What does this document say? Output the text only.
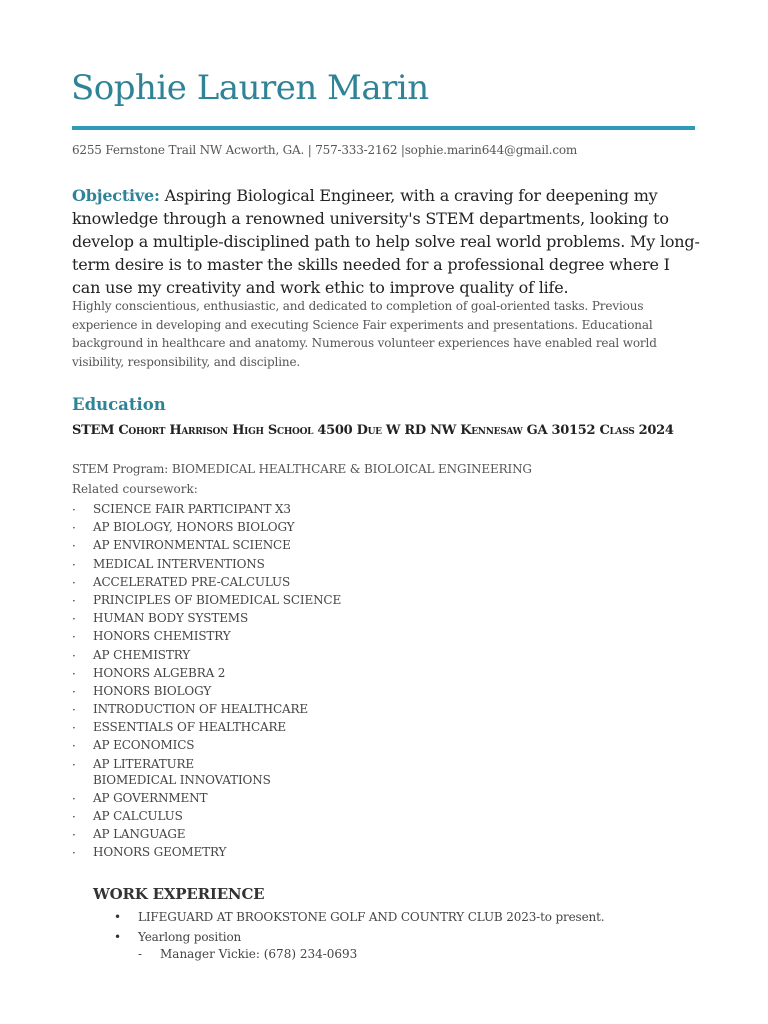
Sophie Lauren Marin
6255 Fernstone Trail NW Acworth, GA. | 757-333-2162 |sophie.marin644@gmail.com
Objective: Aspiring Biological Engineer, with a craving for deepening my knowledge through a renowned university's STEM departments, looking to develop a multiple-disciplined path to help solve real world problems. My long-term desire is to master the skills needed for a professional degree where I can use my creativity and work ethic to improve quality of life.
Highly conscientious, enthusiastic, and dedicated to completion of goal-oriented tasks. Previous experience in developing and executing Science Fair experiments and presentations. Educational background in healthcare and anatomy. Numerous volunteer experiences have enabled real world visibility, responsibility, and discipline.
Education
STEM Cohort Harrison High School 4500 Due W RD NW Kennesaw GA 30152 Class 2024
STEM Program: BIOMEDICAL HEALTHCARE & BIOLOICAL ENGINEERING
Related coursework:
·	SCIENCE FAIR PARTICIPANT X3
·	AP BIOLOGY, HONORS BIOLOGY
·	AP ENVIRONMENTAL SCIENCE
·	MEDICAL INTERVENTIONS
·	ACCELERATED PRE-CALCULUS
·	PRINCIPLES OF BIOMEDICAL SCIENCE
·	HUMAN BODY SYSTEMS
·	HONORS CHEMISTRY
·	AP CHEMISTRY
·	HONORS ALGEBRA 2
·	HONORS BIOLOGY
·	INTRODUCTION OF HEALTHCARE
·	ESSENTIALS OF HEALTHCARE
·	AP ECONOMICS
·	AP LITERATURE
BIOMEDICAL INNOVATIONS
·	AP GOVERNMENT
·	AP CALCULUS
·	AP LANGUAGE
·	HONORS GEOMETRY
WORK EXPERIENCE
• LIFEGUARD AT BROOKSTONE GOLF AND COUNTRY CLUB 2023-to present.
• Yearlong position
- Manager Vickie: (678) 234-0693
